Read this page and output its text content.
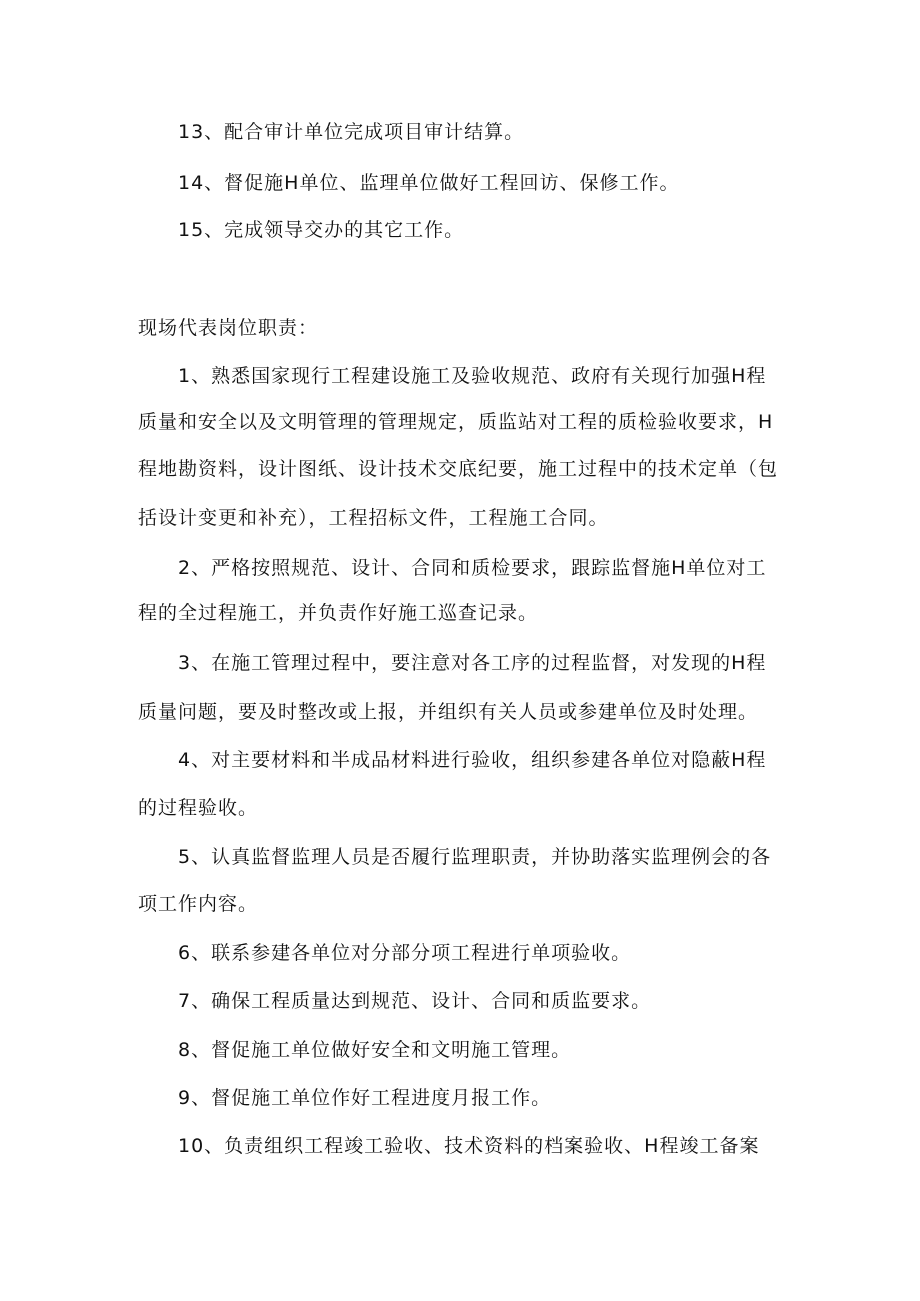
13、配合审计单位完成项目审计结算。
14、督促施H单位、监理单位做好工程回访、保修工作。
15、完成领导交办的其它工作。
现场代表岗位职责：
1、熟悉国家现行工程建设施工及验收规范、政府有关现行加强H程
质量和安全以及文明管理的管理规定，质监站对工程的质检验收要求，H
程地勘资料，设计图纸、设计技术交底纪要，施工过程中的技术定单（包
括设计变更和补充），工程招标文件，工程施工合同。
2、严格按照规范、设计、合同和质检要求，跟踪监督施H单位对工
程的全过程施工，并负责作好施工巡查记录。
3、在施工管理过程中，要注意对各工序的过程监督，对发现的H程
质量问题，要及时整改或上报，并组织有关人员或参建单位及时处理。
4、对主要材料和半成品材料进行验收，组织参建各单位对隐蔽H程
的过程验收。
5、认真监督监理人员是否履行监理职责，并协助落实监理例会的各
项工作内容。
6、联系参建各单位对分部分项工程进行单项验收。
7、确保工程质量达到规范、设计、合同和质监要求。
8、督促施工单位做好安全和文明施工管理。
9、督促施工单位作好工程进度月报工作。
10、负责组织工程竣工验收、技术资料的档案验收、H程竣工备案
